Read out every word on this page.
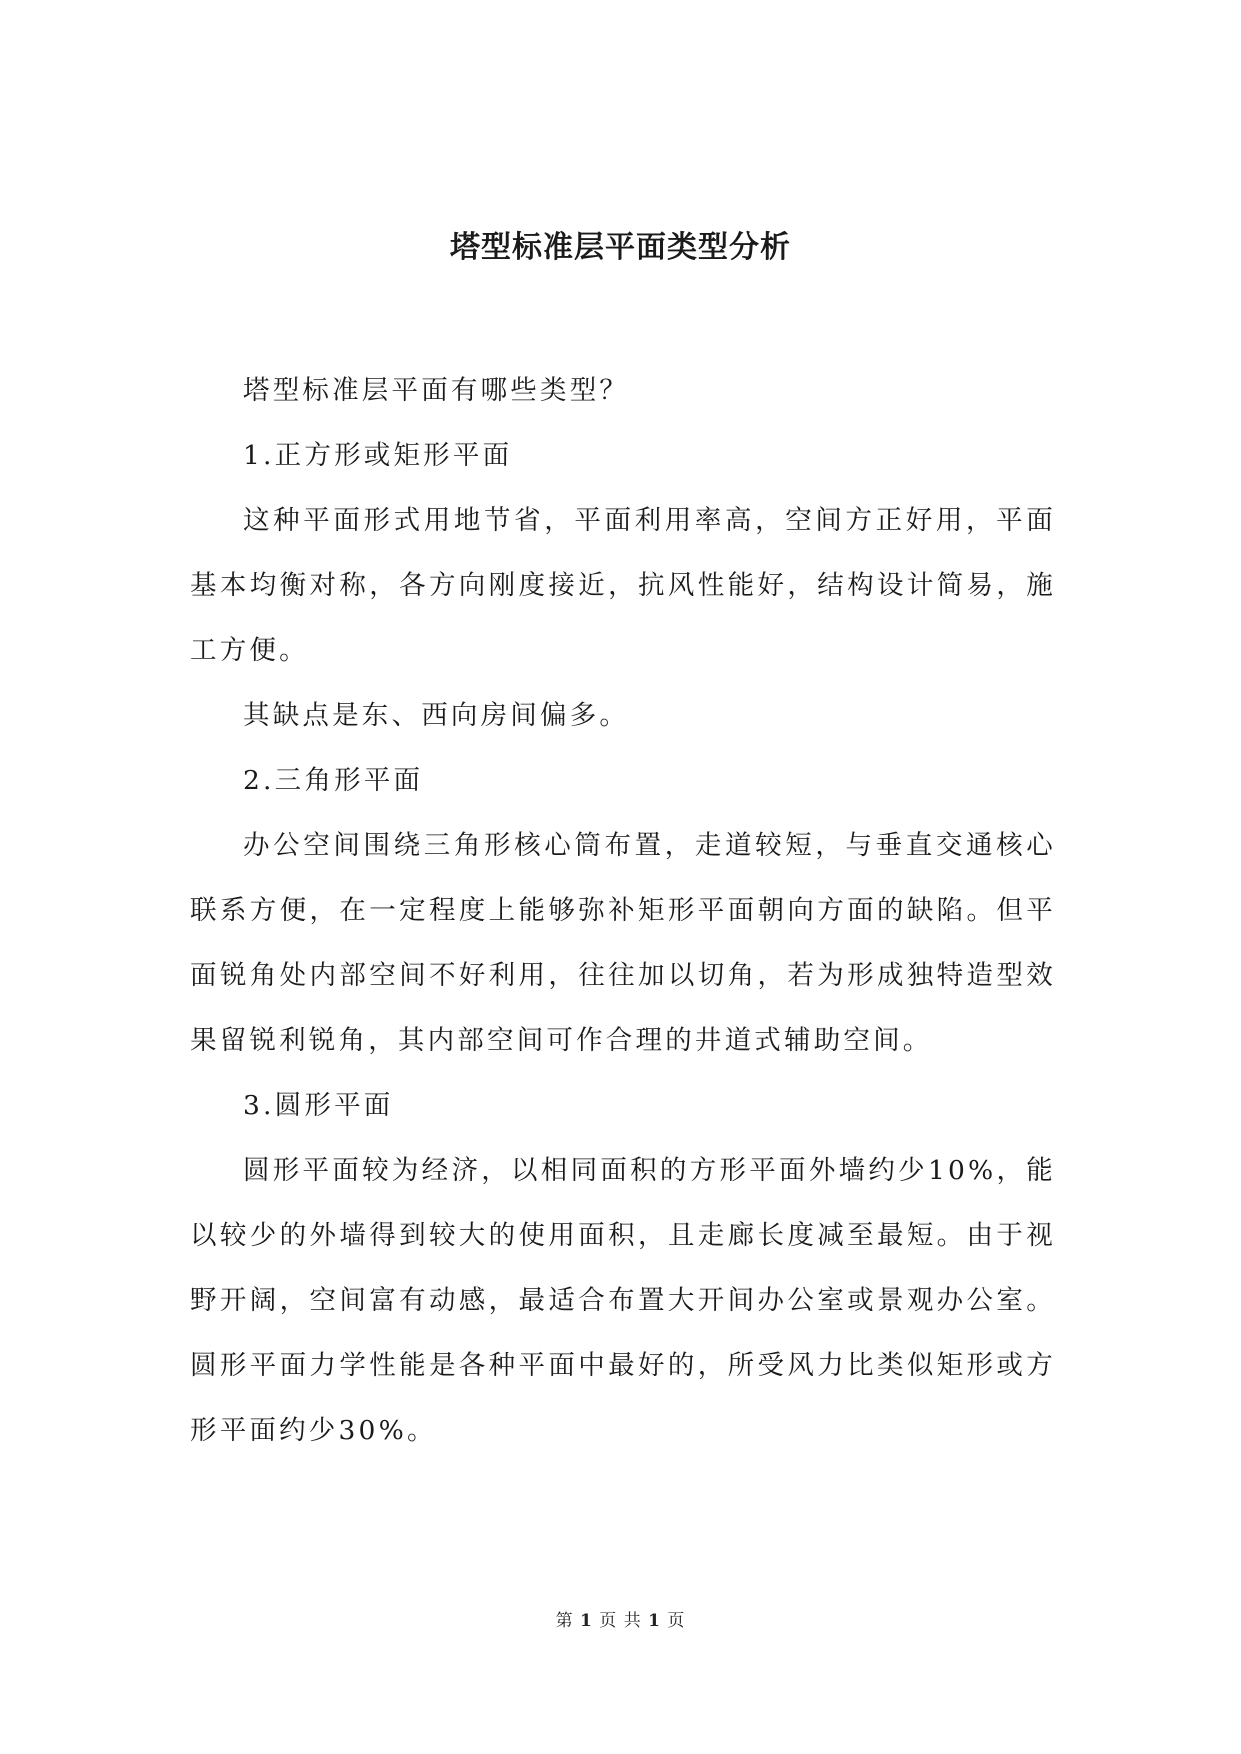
塔型标准层平面类型分析

塔型标准层平面有哪些类型？

1.正方形或矩形平面

这种平面形式用地节省，平面利用率高，空间方正好用，平面基本均衡对称，各方向刚度接近，抗风性能好，结构设计简易，施工方便。

其缺点是东、西向房间偏多。

2.三角形平面

办公空间围绕三角形核心筒布置，走道较短，与垂直交通核心联系方便，在一定程度上能够弥补矩形平面朝向方面的缺陷。但平面锐角处内部空间不好利用，往往加以切角，若为形成独特造型效果留锐利锐角，其内部空间可作合理的井道式辅助空间。

3.圆形平面

圆形平面较为经济，以相同面积的方形平面外墙约少10%，能以较少的外墙得到较大的使用面积，且走廊长度减至最短。由于视野开阔，空间富有动感，最适合布置大开间办公室或景观办公室。圆形平面力学性能是各种平面中最好的，所受风力比类似矩形或方形平面约少30%。

第 1 页 共 1 页
